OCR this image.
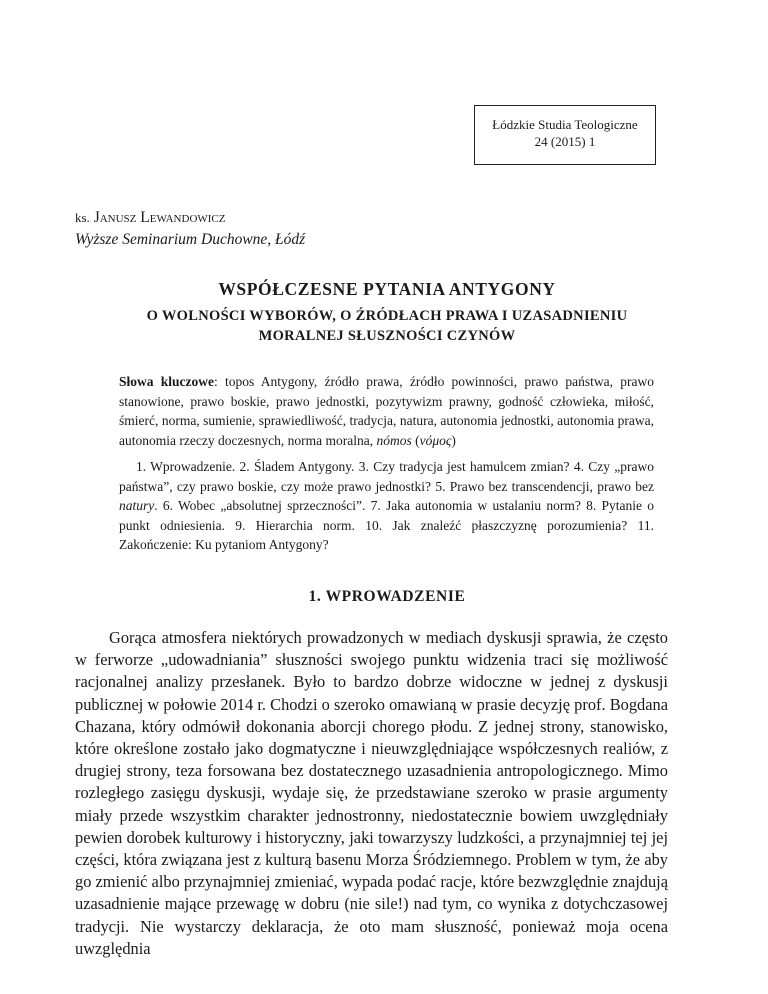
Łódzkie Studia Teologiczne
24 (2015) 1
ks. Janusz Lewandowicz
Wyższe Seminarium Duchowne, Łódź
WSPÓŁCZESNE PYTANIA ANTYGONY
O WOLNOŚCI WYBORÓW, O ŹRÓDŁACH PRAWA I UZASADNIENIU
MORALNEJ SŁUSZNOŚCI CZYNÓW
Słowa kluczowe: topos Antygony, źródło prawa, źródło powinności, prawo państwa, prawo stanowione, prawo boskie, prawo jednostki, pozytywizm prawny, godność człowieka, miłość, śmierć, norma, sumienie, sprawiedliwość, tradycja, natura, autonomia jednostki, autonomia prawa, autonomia rzeczy doczesnych, norma moralna, nómos (νόμος)
1. Wprowadzenie. 2. Śladem Antygony. 3. Czy tradycja jest hamulcem zmian? 4. Czy „prawo państwa”, czy prawo boskie, czy może prawo jednostki? 5. Prawo bez transcendencji, prawo bez natury. 6. Wobec „absolutnej sprzeczności”. 7. Jaka autonomia w ustalaniu norm? 8. Pytanie o punkt odniesienia. 9. Hierarchia norm. 10. Jak znaleźć płaszczyznę porozumienia? 11. Zakończenie: Ku pytaniom Antygony?
1. WPROWADZENIE
Gorąca atmosfera niektórych prowadzonych w mediach dyskusji sprawia, że często w ferworze „udowadniania” słuszności swojego punktu widzenia traci się możliwość racjonalnej analizy przesłanek. Było to bardzo dobrze widoczne w jednej z dyskusji publicznej w połowie 2014 r. Chodzi o szeroko omawianą w prasie decyzję prof. Bogdana Chazana, który odmówił dokonania aborcji chorego płodu. Z jednej strony, stanowisko, które określone zostało jako dogmatyczne i nieuwzględniające współczesnych realiów, z drugiej strony, teza forsowana bez dostatecznego uzasadnienia antropologicznego. Mimo rozległego zasięgu dyskusji, wydaje się, że przedstawiane szeroko w prasie argumenty miały przede wszystkim charakter jednostronny, niedostatecznie bowiem uwzględniały pewien dorobek kulturowy i historyczny, jaki towarzyszy ludzkości, a przynajmniej tej jej części, która związana jest z kulturą basenu Morza Śródziemnego. Problem w tym, że aby go zmienić albo przynajmniej zmieniać, wypada podać racje, które bezwzględnie znajdują uzasadnienie mające przewagę w dobru (nie sile!) nad tym, co wynika z dotychczasowej tradycji. Nie wystarczy deklaracja, że oto mam słuszność, ponieważ moja ocena uwzględnia
